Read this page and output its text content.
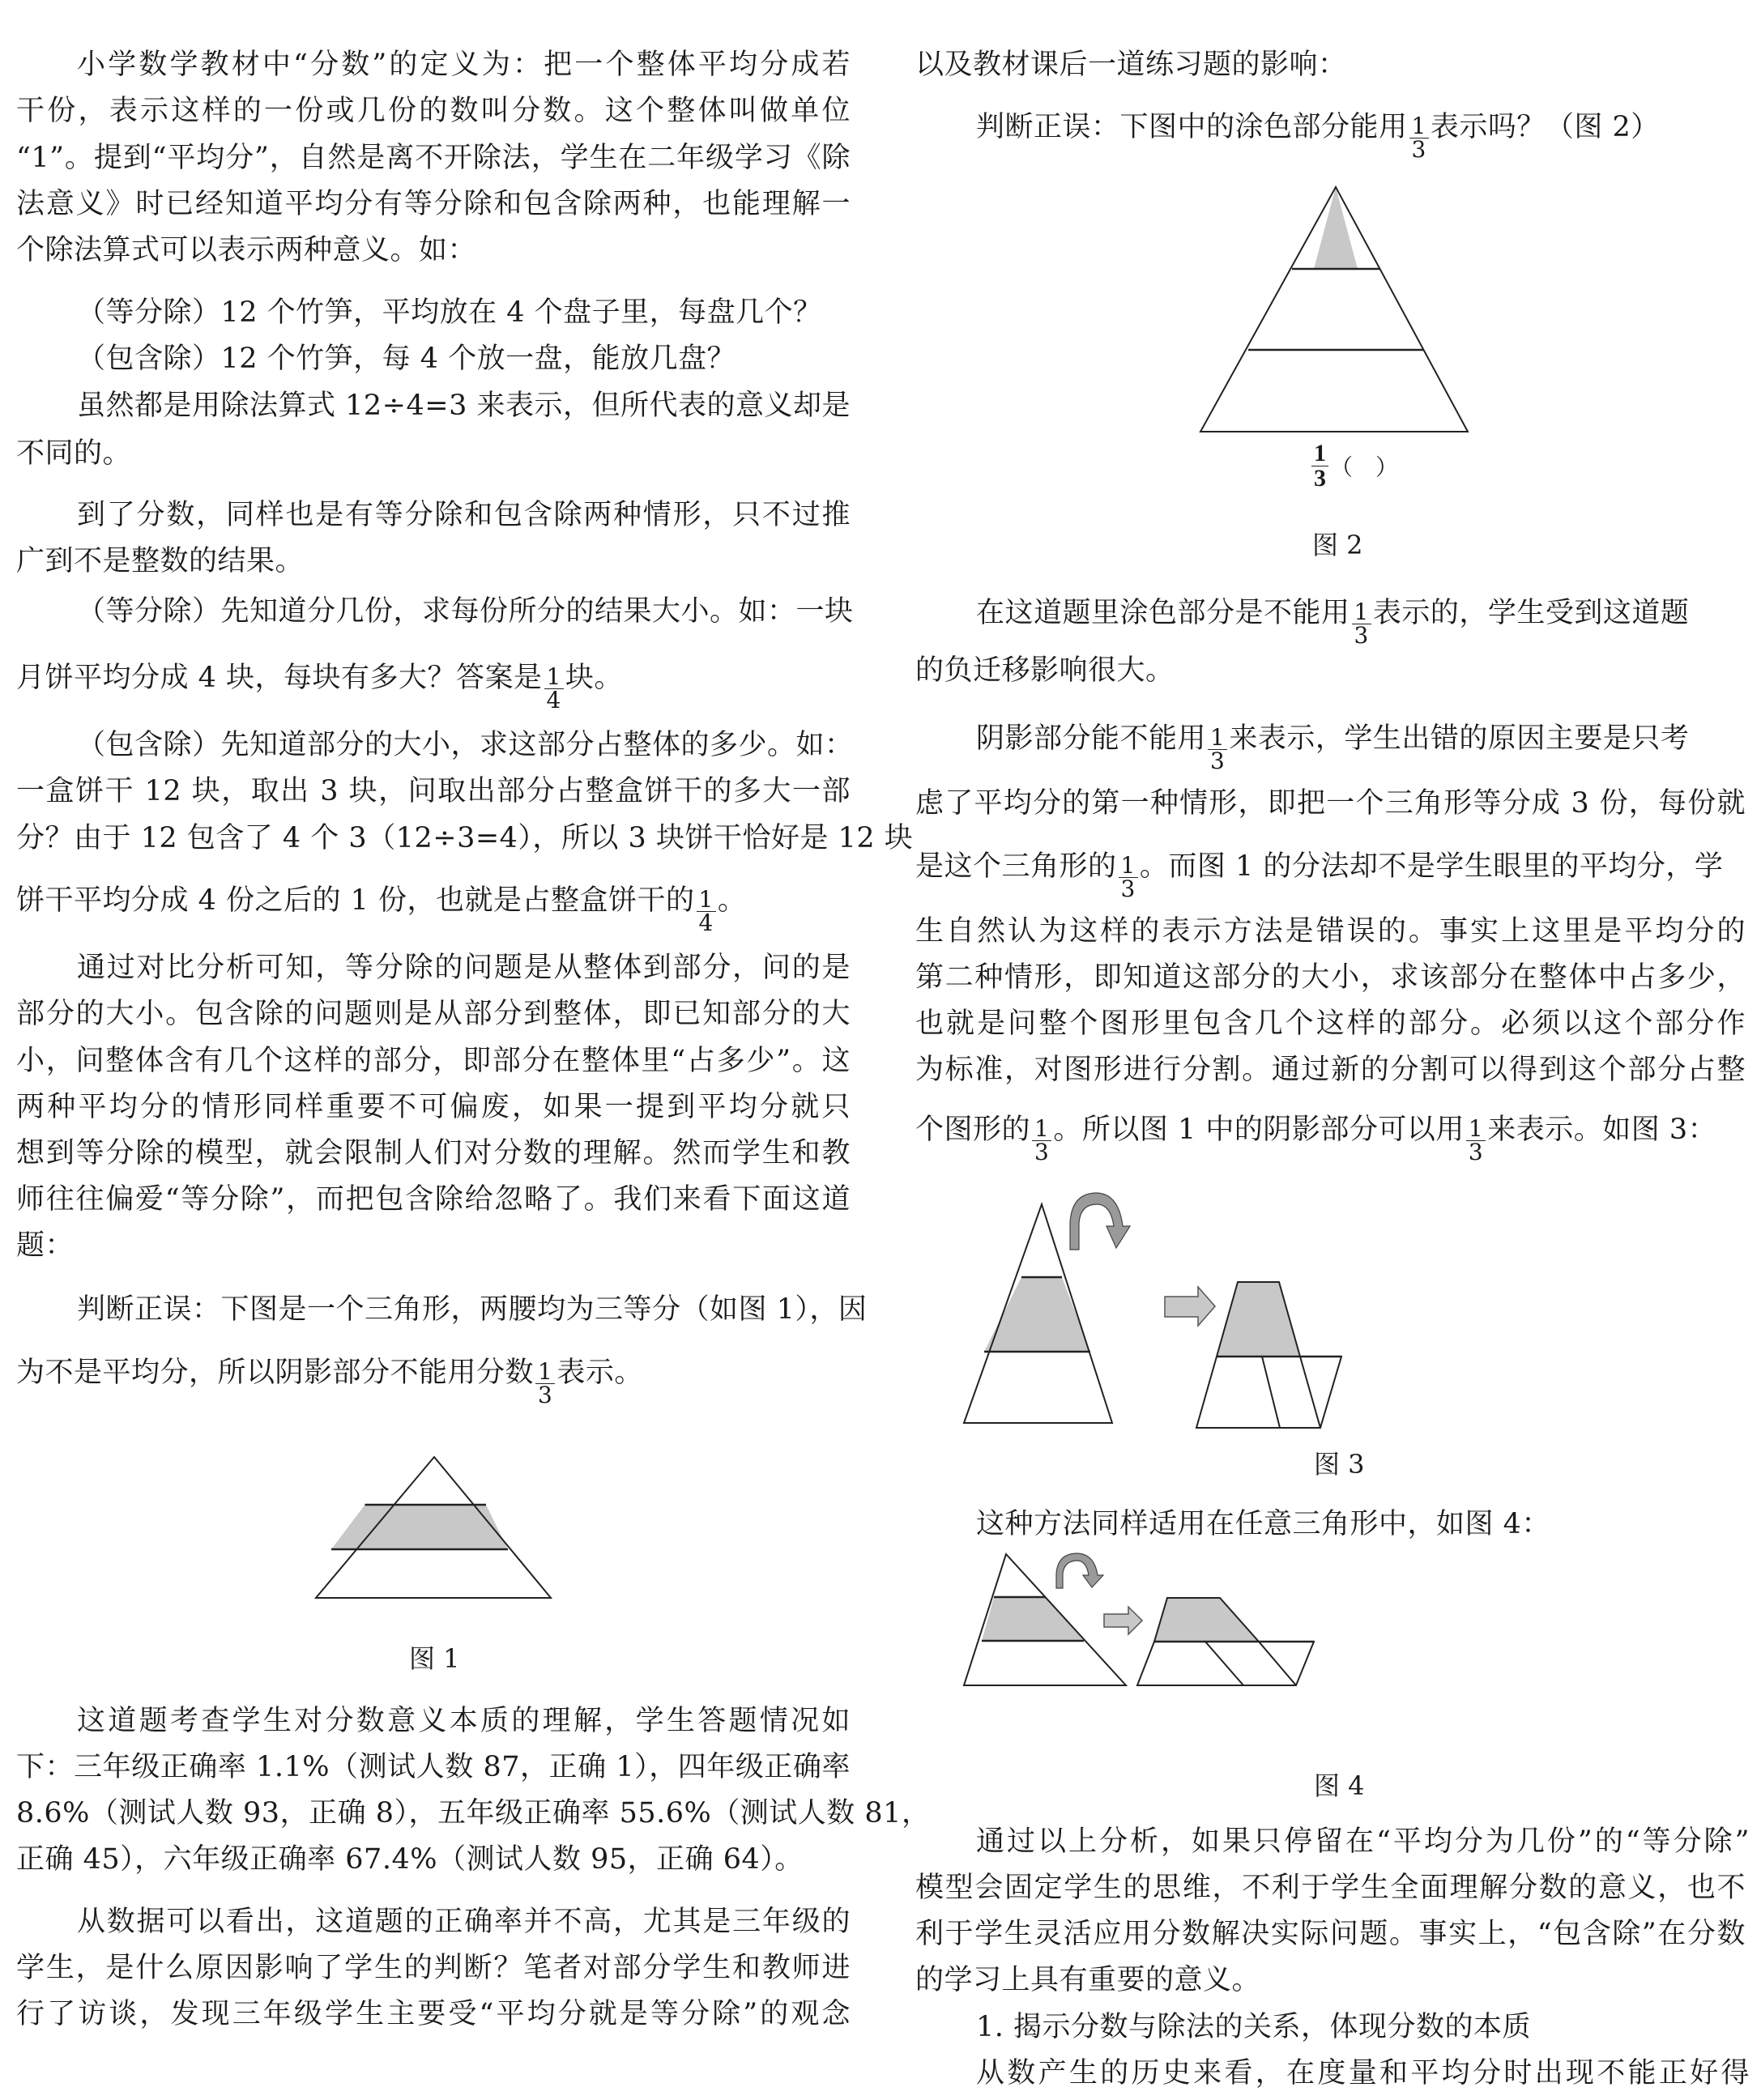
小学数学教材中“分数”的定义为：把一个整体平均分成若
干份，表示这样的一份或几份的数叫分数。这个整体叫做单位
“1”。提到“平均分”，自然是离不开除法，学生在二年级学习《除
法意义》时已经知道平均分有等分除和包含除两种，也能理解一
个除法算式可以表示两种意义。如：
（等分除）12 个竹笋，平均放在 4 个盘子里，每盘几个？
（包含除）12 个竹笋，每 4 个放一盘，能放几盘？
虽然都是用除法算式 12÷4=3 来表示，但所代表的意义却是
不同的。
到了分数，同样也是有等分除和包含除两种情形，只不过推
广到不是整数的结果。
（等分除）先知道分几份，求每份所分的结果大小。如：一块
月饼平均分成 4 块，每块有多大？答案是 $\frac{1}{4}$ 块。
（包含除）先知道部分的大小，求这部分占整体的多少。如：
一盒饼干 12 块，取出 3 块，问取出部分占整盒饼干的多大一部
分？由于 12 包含了 4 个 3（12÷3=4），所以 3 块饼干恰好是 12 块
饼干平均分成 4 份之后的 1 份，也就是占整盒饼干的 $\frac{1}{4}$ 。
通过对比分析可知，等分除的问题是从整体到部分，问的是
部分的大小。包含除的问题则是从部分到整体，即已知部分的大
小，问整体含有几个这样的部分，即部分在整体里“占多少”。这
两种平均分的情形同样重要不可偏废，如果一提到平均分就只
想到等分除的模型，就会限制人们对分数的理解。然而学生和教
师往往偏爱“等分除”，而把包含除给忽略了。我们来看下面这道
题：
判断正误：下图是一个三角形，两腰均为三等分（如图 1），因
为不是平均分，所以阴影部分不能用分数 $\frac{1}{3}$ 表示。
图 1
这道题考查学生对分数意义本质的理解，学生答题情况如
下：三年级正确率 1.1%（测试人数 87，正确 1），四年级正确率
8.6%（测试人数 93，正确 8），五年级正确率 55.6%（测试人数 81，
正确 45），六年级正确率 67.4%（测试人数 95，正确 64）。
从数据可以看出，这道题的正确率并不高，尤其是三年级的
学生，是什么原因影响了学生的判断？笔者对部分学生和教师进
行了访谈，发现三年级学生主要受“平均分就是等分除”的观念
以及教材课后一道练习题的影响：
判断正误：下图中的涂色部分能用 $\frac{1}{3}$ 表示吗？（图 2）
$\frac{1}{3}$ （　）
图 2
在这道题里涂色部分是不能用 $\frac{1}{3}$ 表示的，学生受到这道题
的负迁移影响很大。
阴影部分能不能用 $\frac{1}{3}$ 来表示，学生出错的原因主要是只考
虑了平均分的第一种情形，即把一个三角形等分成 3 份，每份就
是这个三角形的 $\frac{1}{3}$ 。而图 1 的分法却不是学生眼里的平均分，学
生自然认为这样的表示方法是错误的。事实上这里是平均分的
第二种情形，即知道这部分的大小，求该部分在整体中占多少，
也就是问整个图形里包含几个这样的部分。必须以这个部分作
为标准，对图形进行分割。通过新的分割可以得到这个部分占整
个图形的 $\frac{1}{3}$ 。所以图 1 中的阴影部分可以用 $\frac{1}{3}$ 来表示。如图 3：
图 3
这种方法同样适用在任意三角形中，如图 4：
图 4
通过以上分析，如果只停留在“平均分为几份”的“等分除”
模型会固定学生的思维，不利于学生全面理解分数的意义，也不
利于学生灵活应用分数解决实际问题。事实上，“包含除”在分数
的学习上具有重要的意义。
1. 揭示分数与除法的关系，体现分数的本质
从数产生的历史来看，在度量和平均分时出现不能正好得
